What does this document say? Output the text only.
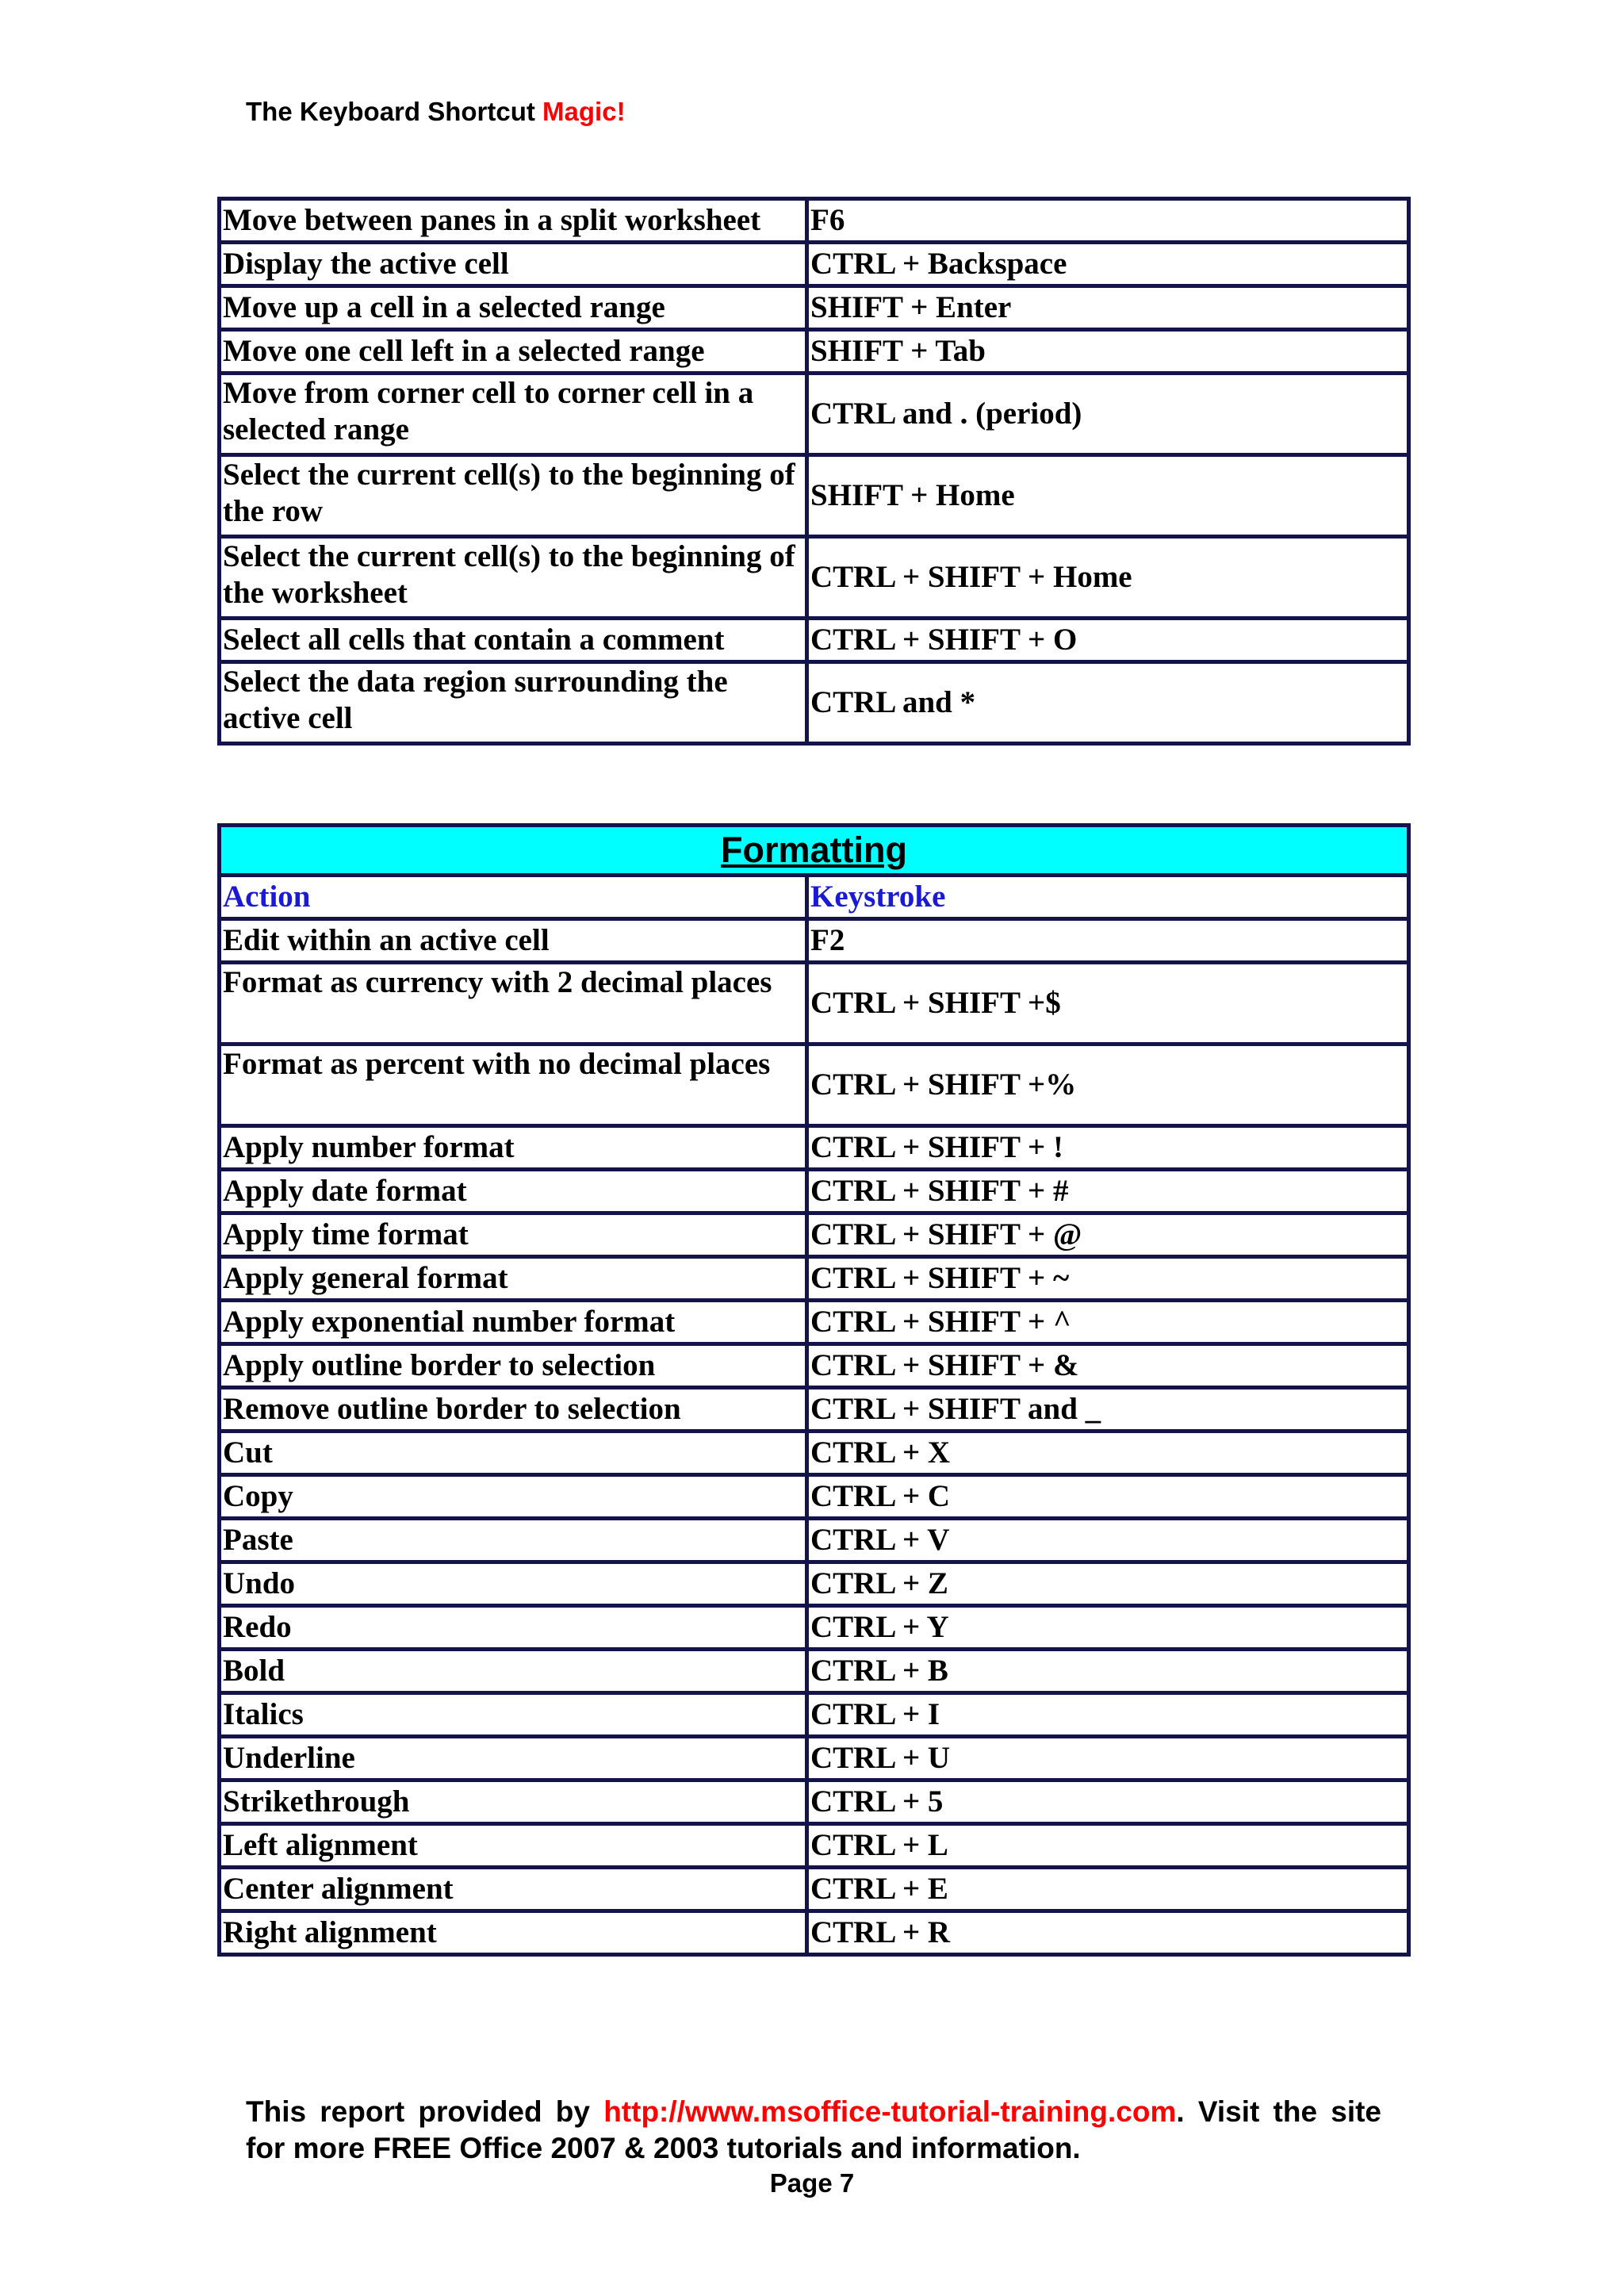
The Keyboard Shortcut Magic!
Move between panes in a split worksheet	F6
Display the active cell	CTRL + Backspace
Move up a cell in a selected range	SHIFT + Enter
Move one cell left in a selected range	SHIFT + Tab
Move from corner cell to corner cell in a selected range	CTRL and . (period)
Select the current cell(s) to the beginning of the row	SHIFT + Home
Select the current cell(s) to the beginning of the worksheet	CTRL + SHIFT + Home
Select all cells that contain a comment	CTRL + SHIFT + O
Select the data region surrounding the active cell	CTRL and *
Formatting	
Action	Keystroke
Edit within an active cell	F2
Format as currency with 2 decimal places	CTRL + SHIFT +$
Format as percent with no decimal places	CTRL + SHIFT +%
Apply number format	CTRL + SHIFT + !
Apply date format	CTRL + SHIFT + #
Apply time format	CTRL + SHIFT + @
Apply general format	CTRL + SHIFT + ~
Apply exponential number format	CTRL + SHIFT + ^
Apply outline border to selection	CTRL + SHIFT + &
Remove outline border to selection	CTRL + SHIFT and _
Cut	CTRL + X
Copy	CTRL + C
Paste	CTRL + V
Undo	CTRL + Z
Redo	CTRL + Y
Bold	CTRL + B
Italics	CTRL + I
Underline	CTRL + U
Strikethrough	CTRL + 5
Left alignment	CTRL + L
Center alignment	CTRL + E
Right alignment	CTRL + R
This report provided by http://www.msoffice-tutorial-training.com. Visit the site for more FREE Office 2007 & 2003 tutorials and information.
Page 7
